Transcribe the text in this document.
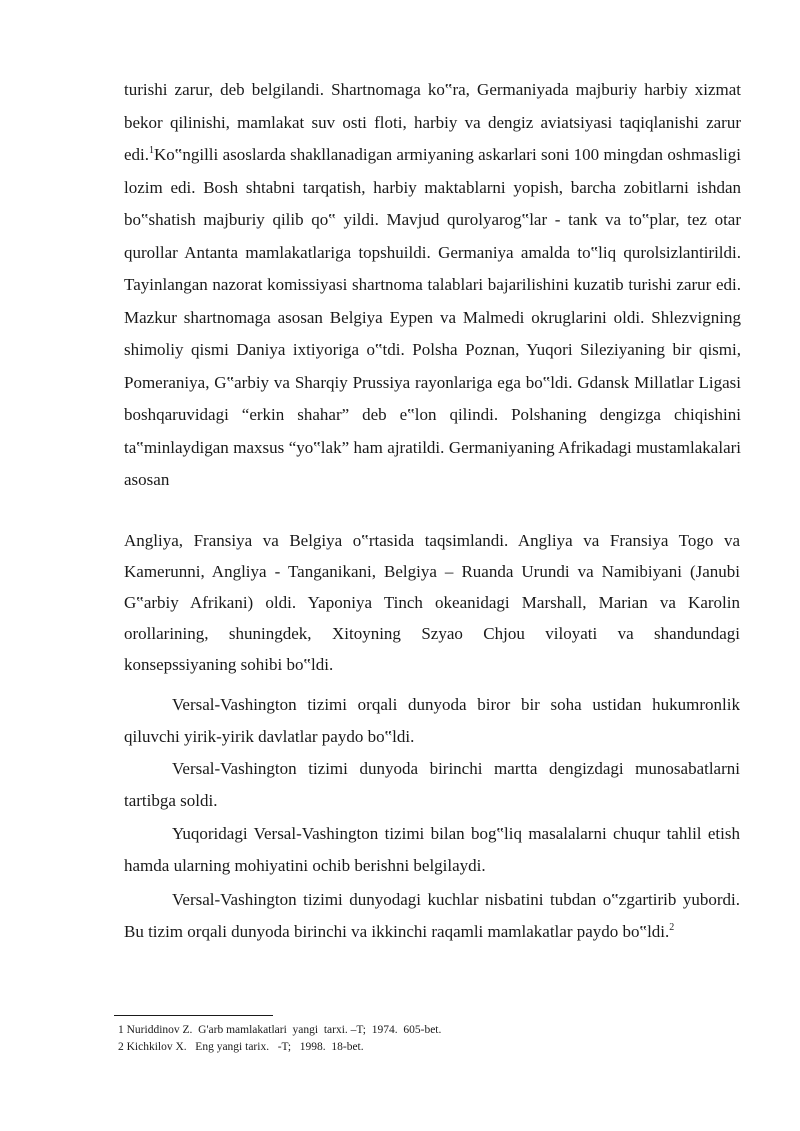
turishi zarur, deb belgilandi. Shartnomaga ko‟ra, Germaniyada majburiy harbiy xizmat bekor qilinishi, mamlakat suv osti floti, harbiy va dengiz aviatsiyasi taqiqlanishi zarur edi.$^1$Ko‟ngilli asoslarda shakllanadigan armiyaning askarlari soni 100 mingdan oshmasligi lozim edi. Bosh shtabni tarqatish, harbiy maktablarni yopish, barcha zobitlarni ishdan bo‟shatish majburiy qilib qo‟ yildi. Mavjud qurolyarog‟lar - tank va to‟plar, tez otar qurollar Antanta mamlakatlariga topshuildi. Germaniya amalda to‟liq qurolsizlantirildi. Tayinlangan nazorat komissiyasi shartnoma talablari bajarilishini kuzatib turishi zarur edi. Mazkur shartnomaga asosan Belgiya Eypen va Malmedi okruglarini oldi. Shlezvigning shimoliy qismi Daniya ixtiyoriga o‟tdi. Polsha Poznan, Yuqori Sileziyaning bir qismi, Pomeraniya, G‟arbiy va Sharqiy Prussiya rayonlariga ega bo‟ldi. Gdansk Millatlar Ligasi boshqaruvidagi “erkin shahar” deb e‟lon qilindi. Polshaning dengizga chiqishini ta‟minlaydigan maxsus “yo‟lak” ham ajratildi. Germaniyaning Afrikadagi mustamlakalari asosan
Angliya, Fransiya va Belgiya o‟rtasida taqsimlandi. Angliya va Fransiya Togo va Kamerunni, Angliya - Tanganikani, Belgiya – Ruanda Urundi va Namibiyani (Janubi G‟arbiy Afrikani) oldi. Yaponiya Tinch okeanidagi Marshall, Marian va Karolin orollarining, shuningdek, Xitoyning Szyao Chjou viloyati va shandundagi konsepssiyaning sohibi bo‟ldi.
Versal-Vashington tizimi orqali dunyoda biror bir soha ustidan hukumronlik qiluvchi yirik-yirik davlatlar paydo bo‟ldi.
Versal-Vashington tizimi dunyoda birinchi martta dengizdagi munosabatlarni tartibga soldi.
Yuqoridagi Versal-Vashington tizimi bilan bog‟liq masalalarni chuqur tahlil etish hamda ularning mohiyatini ochib berishni belgilaydi.
Versal-Vashington tizimi dunyodagi kuchlar nisbatini tubdan o‟zgartirib yubordi. Bu tizim orqali dunyoda birinchi va ikkinchi raqamli mamlakatlar paydo bo‟ldi.$^2$
1 Nuriddinov Z.  G'arb mamlakatlari  yangi  tarxi. –T;  1974.  605-bet.
2 Kichkilov X.   Eng yangi tarix.   -T;   1998.  18-bet.
